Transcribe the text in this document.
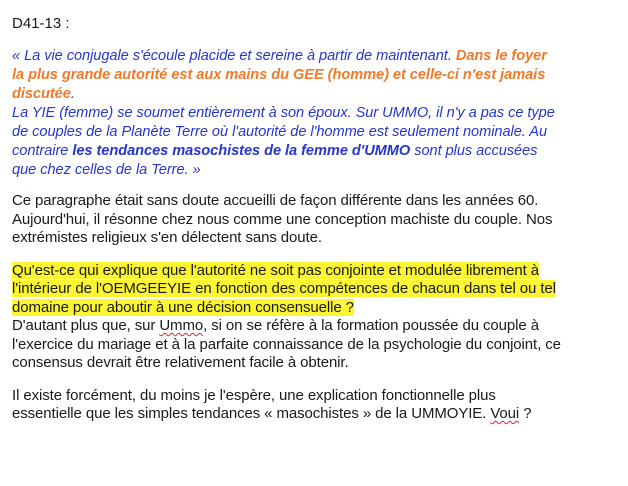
D41-13 :

« La vie conjugale s'écoule placide et sereine à partir de maintenant. Dans le foyer
la plus grande autorité est aux mains du GEE (homme) et celle-ci n'est jamais
discutée.
La YIE (femme) se soumet entièrement à son époux. Sur UMMO, il n'y a pas ce type
de couples de la Planète Terre où l'autorité de l'homme est seulement nominale. Au
contraire les tendances masochistes de la femme d'UMMO sont plus accusées
que chez celles de la Terre. »

Ce paragraphe était sans doute accueilli de façon différente dans les années 60.
Aujourd'hui, il résonne chez nous comme une conception machiste du couple. Nos
extrémistes religieux s'en délectent sans doute.

Qu'est-ce qui explique que l'autorité ne soit pas conjointe et modulée librement à
l'intérieur de l'OEMGEEYIE en fonction des compétences de chacun dans tel ou tel
domaine pour aboutir à une décision consensuelle ?

D'autant plus que, sur Ummo, si on se réfère à la formation poussée du couple à
l'exercice du mariage et à la parfaite connaissance de la psychologie du conjoint, ce
consensus devrait être relativement facile à obtenir.

Il existe forcément, du moins je l'espère, une explication fonctionnelle plus
essentielle que les simples tendances « masochistes » de la UMMOYIE. Voui ?
